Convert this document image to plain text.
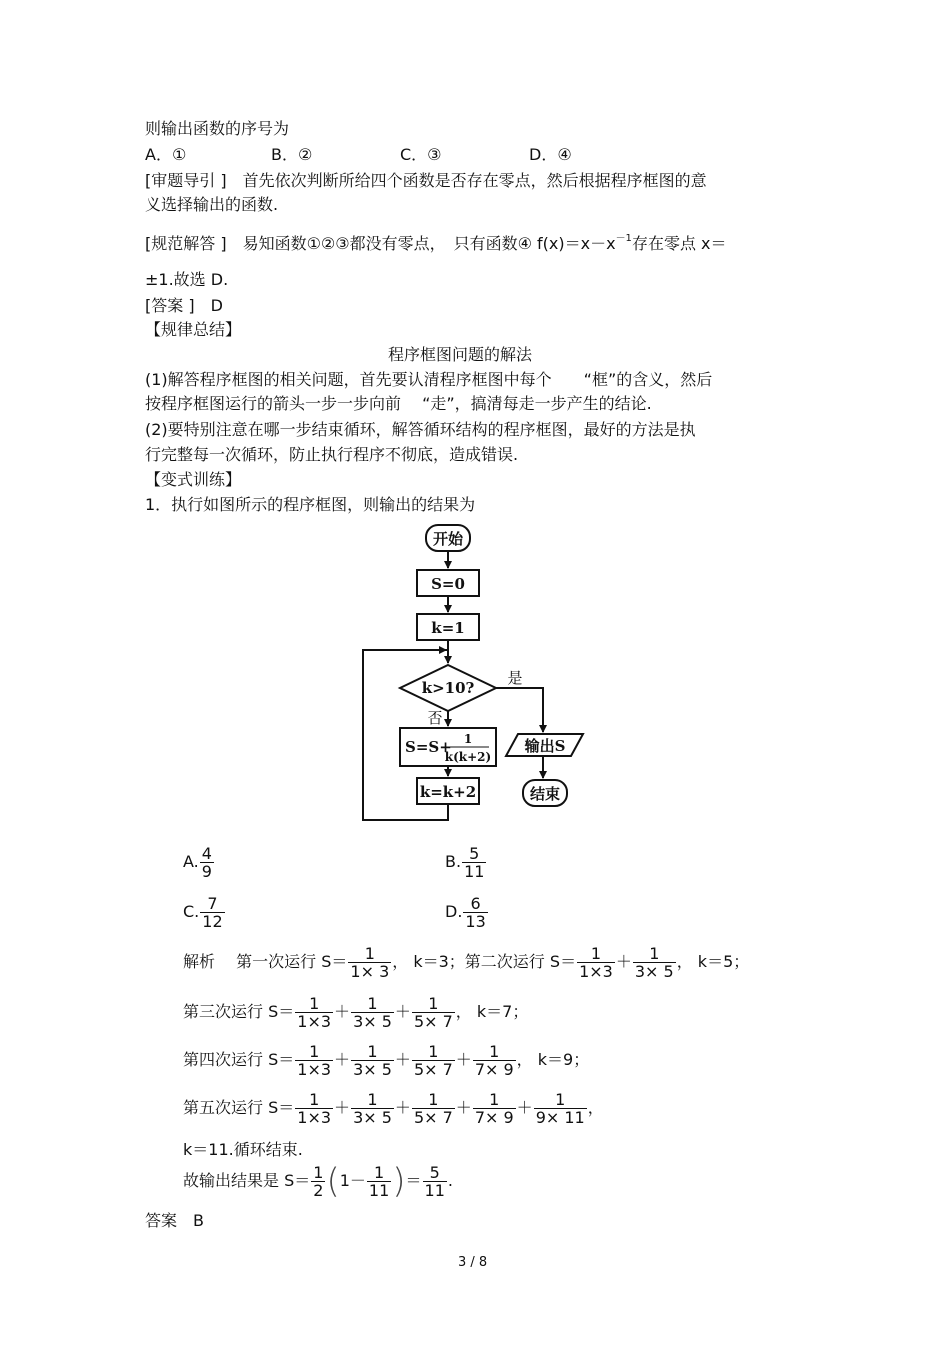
则输出函数的序号为
A．①	B．②	C．③	D．④
[审题导引 ]　首先依次判断所给四个函数是否存在零点，然后根据程序框图的意
义选择输出的函数.
[规范解答 ]　易知函数①②③都没有零点，　只有函数④ $f(x)=x-x^{-1}$存在零点 x＝
±1.故选 D.
[答案 ]　D
【规律总结】
程序框图问题的解法
(1)解答程序框图的相关问题，首先要认清程序框图中每个　　“框”的含义，然后
按程序框图运行的箭头一步一步向前　 “走”，搞清每走一步产生的结论.
(2)要特别注意在哪一步结束循环，解答循环结构的程序框图，最好的方法是执
行完整每一次循环，防止执行程序不彻底，造成错误.
【变式训练】
1．执行如图所示的程序框图，则输出的结果为
开始
S=0
k=1
k>10?
是
否
S=S+ 1
k(k+2)
k=k+2
输出S
结束
A. $\frac{4}{9}$	B. $\frac{5}{11}$
C. $\frac{7}{12}$	D. $\frac{6}{13}$
解析　 第一次运行 $S= \frac{1}{1\times 3}$ ， k＝3；第二次运行 $S= \frac{1}{1\times 3} + \frac{1}{3\times 5}$ ， k＝5；
第三次运行 $S= \frac{1}{1\times 3} + \frac{1}{3\times 5} + \frac{1}{5\times 7}$ ， k＝7；
第四次运行 $S= \frac{1}{1\times 3} + \frac{1}{3\times 5} + \frac{1}{5\times 7} + \frac{1}{7\times 9}$ ， k＝9；
第五次运行 $S= \frac{1}{1\times 3} + \frac{1}{3\times 5} + \frac{1}{5\times 7} + \frac{1}{7\times 9} + \frac{1}{9\times 11}$ ，
k＝11.循环结束.
故输出结果是 $S= \frac{1}{2} (1- \frac{1}{11}$ )＝ $\frac{5}{11}$ .
答案　B
3 / 8
